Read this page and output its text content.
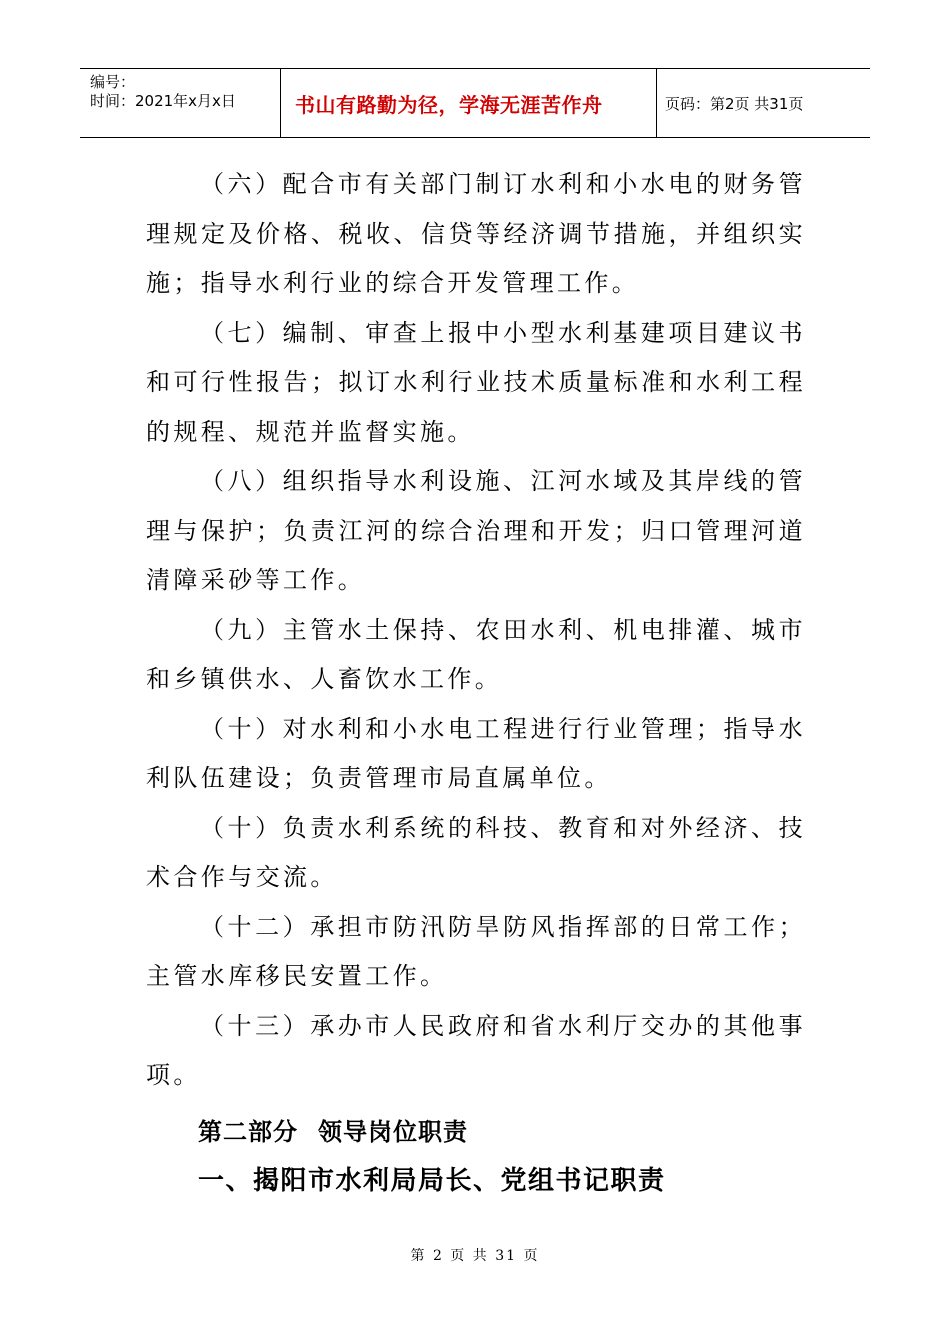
编号：
时间：2021年x月x日	书山有路勤为径，学海无涯苦作舟	页码：第2页 共31页

（六）配合市有关部门制订水利和小水电的财务管理规定及价格、税收、信贷等经济调节措施，并组织实施；指导水利行业的综合开发管理工作。

（七）编制、审查上报中小型水利基建项目建议书和可行性报告；拟订水利行业技术质量标准和水利工程的规程、规范并监督实施。

（八）组织指导水利设施、江河水域及其岸线的管理与保护；负责江河的综合治理和开发；归口管理河道清障采砂等工作。

（九）主管水土保持、农田水利、机电排灌、城市和乡镇供水、人畜饮水工作。

（十）对水利和小水电工程进行行业管理；指导水利队伍建设；负责管理市局直属单位。

（十）负责水利系统的科技、教育和对外经济、技术合作与交流。

（十二）承担市防汛防旱防风指挥部的日常工作；主管水库移民安置工作。

（十三）承办市人民政府和省水利厅交办的其他事项。

第二部分 领导岗位职责
一、揭阳市水利局局长、党组书记职责
第 2 页 共 31 页
